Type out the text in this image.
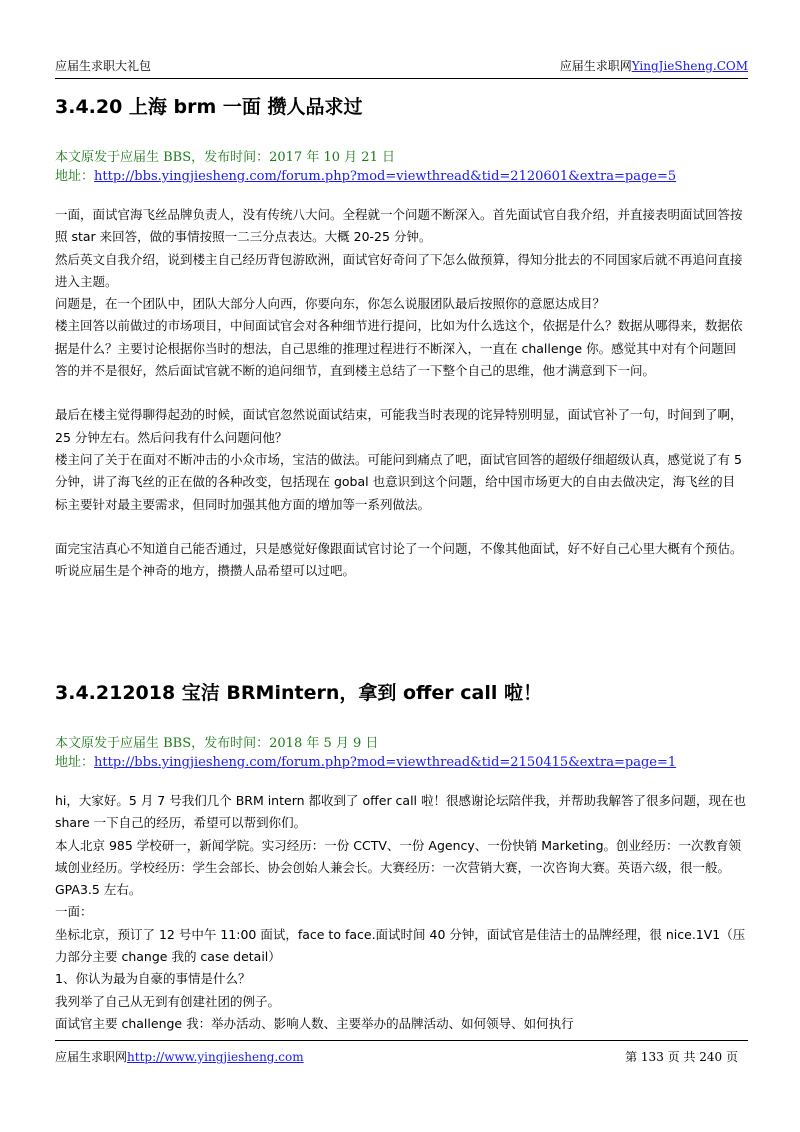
应届生求职大礼包	应届生求职网YingJieSheng.COM
3.4.20 上海 brm 一面 攒人品求过
本文原发于应届生 BBS，发布时间：2017 年 10 月 21 日
地址：http://bbs.yingjiesheng.com/forum.php?mod=viewthread&tid=2120601&extra=page=5

一面，面试官海飞丝品牌负责人，没有传统八大问。全程就一个问题不断深入。首先面试官自我介绍，并直接表明面试回答按照 star 来回答，做的事情按照一二三分点表达。大概 20-25 分钟。

然后英文自我介绍，说到楼主自己经历背包游欧洲，面试官好奇问了下怎么做预算，得知分批去的不同国家后就不再追问直接进入主题。

问题是，在一个团队中，团队大部分人向西，你要向东，你怎么说服团队最后按照你的意愿达成目？

楼主回答以前做过的市场项目，中间面试官会对各种细节进行提问，比如为什么选这个，依据是什么？数据从哪得来，数据依据是什么？主要讨论根据你当时的想法，自己思维的推理过程进行不断深入，一直在 challenge 你。感觉其中对有个问题回答的并不是很好，然后面试官就不断的追问细节，直到楼主总结了一下整个自己的思维，他才满意到下一问。

最后在楼主觉得聊得起劲的时候，面试官忽然说面试结束，可能我当时表现的诧异特别明显，面试官补了一句，时间到了啊，25 分钟左右。然后问我有什么问题问他？

楼主问了关于在面对不断冲击的小众市场，宝洁的做法。可能问到痛点了吧，面试官回答的超级仔细超级认真，感觉说了有 5 分钟，讲了海飞丝的正在做的各种改变，包括现在 gobal 也意识到这个问题，给中国市场更大的自由去做决定，海飞丝的目标主要针对最主要需求，但同时加强其他方面的增加等一系列做法。

面完宝洁真心不知道自己能否通过，只是感觉好像跟面试官讨论了一个问题，不像其他面试，好不好自己心里大概有个预估。

听说应届生是个神奇的地方，攒攒人品希望可以过吧。

3.4.212018 宝洁 BRMintern，拿到 offer call 啦！
本文原发于应届生 BBS，发布时间：2018 年 5 月 9 日
地址：http://bbs.yingjiesheng.com/forum.php?mod=viewthread&tid=2150415&extra=page=1

hi，大家好。5 月 7 号我们几个 BRM intern 都收到了 offer call 啦！很感谢论坛陪伴我，并帮助我解答了很多问题，现在也 share 一下自己的经历，希望可以帮到你们。

本人北京 985 学校研一，新闻学院。实习经历：一份 CCTV、一份 Agency、一份快销 Marketing。创业经历：一次教育领域创业经历。学校经历：学生会部长、协会创始人兼会长。大赛经历：一次营销大赛，一次咨询大赛。英语六级，很一般。GPA3.5 左右。

一面：

坐标北京，预订了 12 号中午 11:00 面试，face to face.面试时间 40 分钟，面试官是佳洁士的品牌经理，很 nice.1V1（压力部分主要 change 我的 case detail）

1、你认为最为自豪的事情是什么？

我列举了自己从无到有创建社团的例子。

面试官主要 challenge 我：举办活动、影响人数、主要举办的品牌活动、如何领导、如何执行

应届生求职网http://www.yingjiesheng.com	第 133 页 共 240 页
